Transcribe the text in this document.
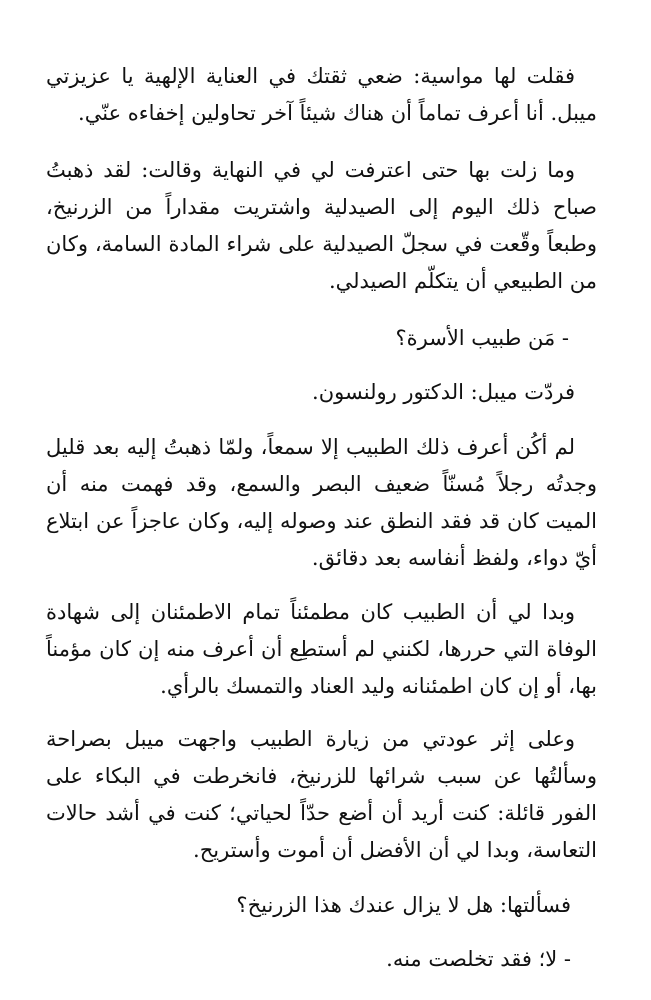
فقلت لها مواسية: ضعي ثقتك في العناية الإلهية يا عزيزتي ميبل. أنا أعرف تماماً أن هناك شيئاً آخر تحاولين إخفاءه عنّي.

وما زلت بها حتى اعترفت لي في النهاية وقالت: لقد ذهبتُ صباح ذلك اليوم إلى الصيدلية واشتريت مقداراً من الزرنيخ، وطبعاً وقّعت في سجلّ الصيدلية على شراء المادة السامة، وكان من الطبيعي أن يتكلّم الصيدلي.

- مَن طبيب الأسرة؟

فردّت ميبل: الدكتور رولنسون.

لم أكُن أعرف ذلك الطبيب إلا سمعاً، ولمّا ذهبتُ إليه بعد قليل وجدتُه رجلاً مُسنّاً ضعيف البصر والسمع، وقد فهمت منه أن الميت كان قد فقد النطق عند وصوله إليه، وكان عاجزاً عن ابتلاع أيّ دواء، ولفظ أنفاسه بعد دقائق.

وبدا لي أن الطبيب كان مطمئناً تمام الاطمئنان إلى شهادة الوفاة التي حررها، لكنني لم أستطِع أن أعرف منه إن كان مؤمناً بها، أو إن كان اطمئنانه وليد العناد والتمسك بالرأي.

وعلى إثر عودتي من زيارة الطبيب واجهت ميبل بصراحة وسألتُها عن سبب شرائها للزرنيخ، فانخرطت في البكاء على الفور قائلة: كنت أريد أن أضع حدّاً لحياتي؛ كنت في أشد حالات التعاسة، وبدا لي أن الأفضل أن أموت وأستريح.

فسألتها: هل لا يزال عندك هذا الزرنيخ؟

- لا؛ فقد تخلصت منه.
